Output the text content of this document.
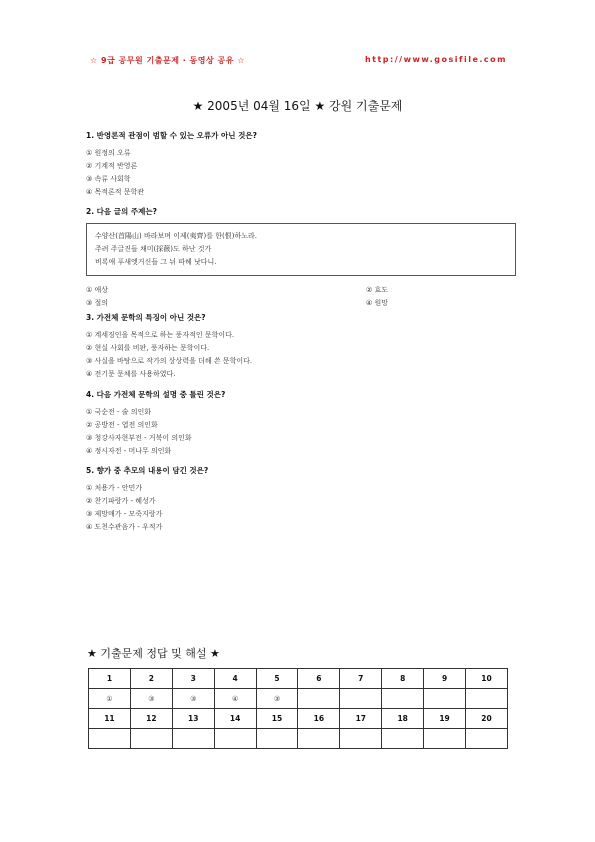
☆ 9급 공무원 기출문제 · 동영상 공유 ☆	http://www.gosifile.com
★ 2005년 04월 16일 ★ 강원 기출문제
1. 반영론적 관점이 범할 수 있는 오류가 아닌 것은?
① 원정의 오류
② 기계적 반영론
③ 속류 사회학
④ 목적론적 문학관
2. 다음 글의 주제는?
수양산(首陽山) 바라보며 이제(夷齊)를 한(恨)하노라.
주려 주글진들 채미(採薇)도 하난 것가
비록애 푸새엣거신들 그 뉘 따헤 낫다니.
① 애상	② 효도
③ 절의	④ 원망
3. 가전체 문학의 특징이 아닌 것은?
① 계세징인을 목적으로 하는 풍자적인 문학이다.
② 현실 사회를 비판, 풍자하는 문학이다.
③ 사실을 바탕으로 작가의 상상력을 더해 쓴 문학이다.
④ 전기문 문체를 사용하였다.
4. 다음 가전체 문학의 설명 중 틀린 것은?
① 국순전 - 술 의인화
② 공방전 - 엽전 의인화
③ 청강사자현부전 - 거북이 의인화
④ 정시자전 - 머나무 의인화
5. 향가 중 추모의 내용이 담긴 것은?
① 처용가 - 안민가
② 찬기파랑가 - 혜성가
③ 제망매가 - 모죽지랑가
④ 도천수관음가 - 우적가
★ 기출문제 정답 및 해설 ★
1	2	3	4	5	6	7	8	9	10
①	③	③	④	③					
11	12	13	14	15	16	17	18	19	20
